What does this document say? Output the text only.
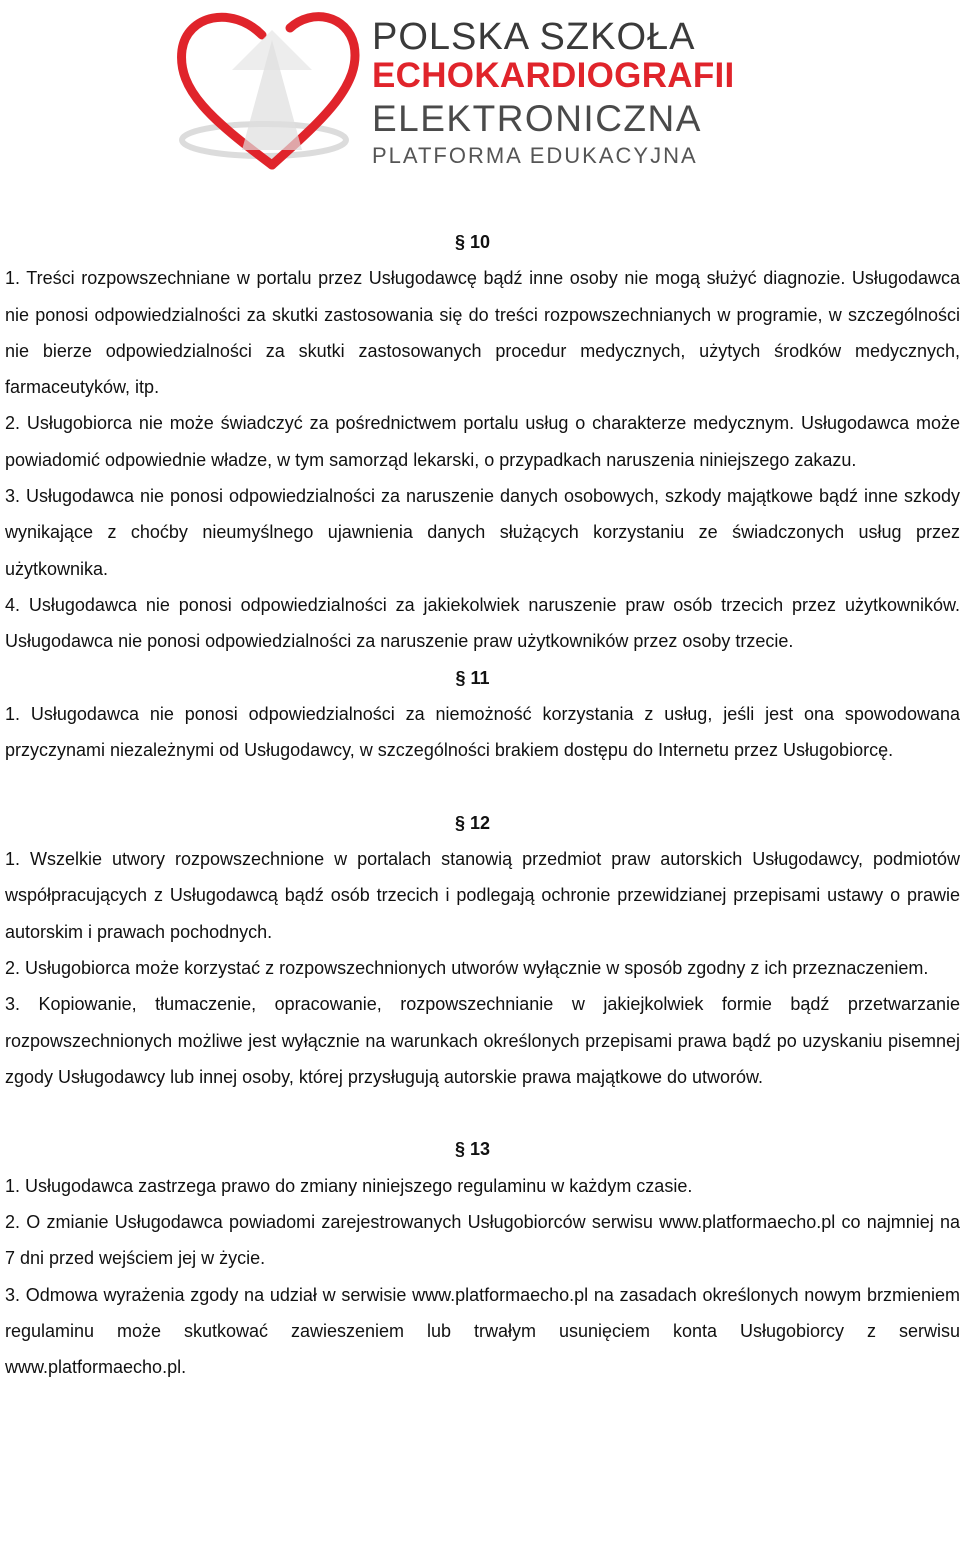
POLSKA SZKOŁA
ECHOKARDIOGRAFII
ELEKTRONICZNA
PLATFORMA EDUKACYJNA
§ 10
1. Treści rozpowszechniane w portalu przez Usługodawcę bądź inne osoby nie mogą służyć diagnozie. Usługodawca nie ponosi odpowiedzialności za skutki zastosowania się do treści rozpowszechnianych w programie, w szczególności nie bierze odpowiedzialności za skutki zastosowanych procedur medycznych, użytych środków medycznych, farmaceutyków, itp.
2. Usługobiorca nie może świadczyć za pośrednictwem portalu usług o charakterze medycznym. Usługodawca może powiadomić odpowiednie władze, w tym samorząd lekarski, o przypadkach naruszenia niniejszego zakazu.
3. Usługodawca nie ponosi odpowiedzialności za naruszenie danych osobowych, szkody majątkowe bądź inne szkody wynikające z choćby nieumyślnego ujawnienia danych służących korzystaniu ze świadczonych usług przez użytkownika.
4. Usługodawca nie ponosi odpowiedzialności za jakiekolwiek naruszenie praw osób trzecich przez użytkowników. Usługodawca nie ponosi odpowiedzialności za naruszenie praw użytkowników przez osoby trzecie.
§ 11
1. Usługodawca nie ponosi odpowiedzialności za niemożność korzystania z usług, jeśli jest ona spowodowana przyczynami niezależnymi od Usługodawcy, w szczególności brakiem dostępu do Internetu przez Usługobiorcę.
§ 12
1. Wszelkie utwory rozpowszechnione w portalach stanowią przedmiot praw autorskich Usługodawcy, podmiotów współpracujących z Usługodawcą bądź osób trzecich i podlegają ochronie przewidzianej przepisami ustawy o prawie autorskim i prawach pochodnych.
2. Usługobiorca może korzystać z rozpowszechnionych utworów wyłącznie w sposób zgodny z ich przeznaczeniem.
3. Kopiowanie, tłumaczenie, opracowanie, rozpowszechnianie w jakiejkolwiek formie bądź przetwarzanie rozpowszechnionych możliwe jest wyłącznie na warunkach określonych przepisami prawa bądź po uzyskaniu pisemnej zgody Usługodawcy lub innej osoby, której przysługują autorskie prawa majątkowe do utworów.
§ 13
1. Usługodawca zastrzega prawo do zmiany niniejszego regulaminu w każdym czasie.
2. O zmianie Usługodawca powiadomi zarejestrowanych Usługobiorców serwisu www.platformaecho.pl co najmniej na 7 dni przed wejściem jej w życie.
3. Odmowa wyrażenia zgody na udział w serwisie www.platformaecho.pl na zasadach określonych nowym brzmieniem regulaminu może skutkować zawieszeniem lub trwałym usunięciem konta Usługobiorcy z serwisu www.platformaecho.pl.
